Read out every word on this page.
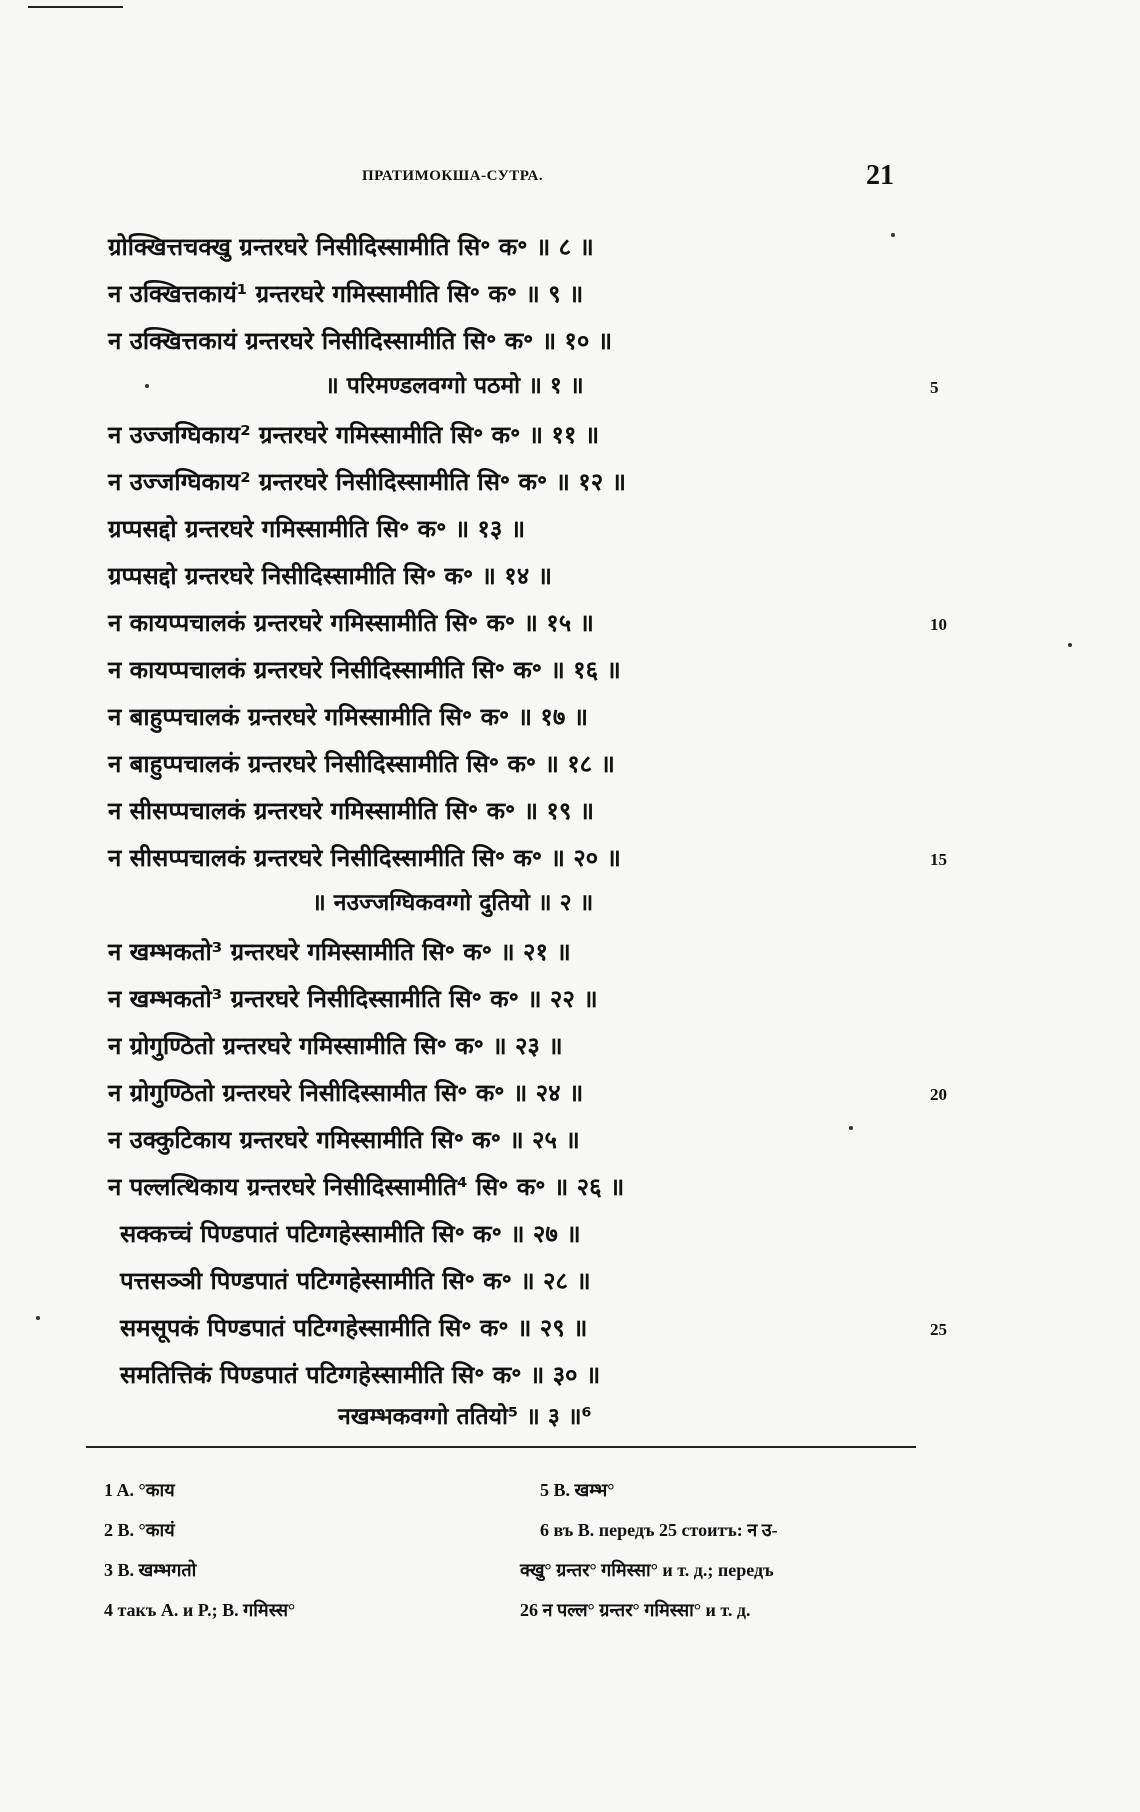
ПРАТИМОКША-СУТРА.	21
ग्रोक्खित्तचक्खु ग्रन्तरघरे निसीदिस्सामीति सि॰ क॰ ॥ ८ ॥
न उक्खित्तकायं¹ ग्रन्तरघरे गमिस्सामीति सि॰ क॰ ॥ ९ ॥
न उक्खित्तकायं ग्रन्तरघरे निसीदिस्सामीति सि॰ क॰ ॥ १० ॥
॥ परिमण्डलवग्गो पठमो ॥ १ ॥
न उज्जग्घिकाय² ग्रन्तरघरे गमिस्सामीति सि॰ क॰ ॥ ११ ॥
न उज्जग्घिकाय² ग्रन्तरघरे निसीदिस्सामीति सि॰ क॰ ॥ १२ ॥
ग्रप्पसद्दो ग्रन्तरघरे गमिस्सामीति सि॰ क॰ ॥ १३ ॥
ग्रप्पसद्दो ग्रन्तरघरे निसीदिस्सामीति सि॰ क॰ ॥ १४ ॥
न कायप्पचालकं ग्रन्तरघरे गमिस्सामीति सि॰ क॰ ॥ १५ ॥
न कायप्पचालकं ग्रन्तरघरे निसीदिस्सामीति सि॰ क॰ ॥ १६ ॥
न बाहुप्पचालकं ग्रन्तरघरे गमिस्सामीति सि॰ क॰ ॥ १७ ॥
न बाहुप्पचालकं ग्रन्तरघरे निसीदिस्सामीति सि॰ क॰ ॥ १८ ॥
न सीसप्पचालकं ग्रन्तरघरे गमिस्सामीति सि॰ क॰ ॥ १९ ॥
न सीसप्पचालकं ग्रन्तरघरे निसीदिस्सामीति सि॰ क॰ ॥ २० ॥
॥ नउज्जग्घिकवग्गो दुतियो ॥ २ ॥
न खम्भकतो³ ग्रन्तरघरे गमिस्सामीति सि॰ क॰ ॥ २१ ॥
न खम्भकतो³ ग्रन्तरघरे निसीदिस्सामीति सि॰ क॰ ॥ २२ ॥
न ग्रोगुण्ठितो ग्रन्तरघरे गमिस्सामीति सि॰ क॰ ॥ २३ ॥
न ग्रोगुण्ठितो ग्रन्तरघरे निसीदिस्सामीत सि॰ क॰ ॥ २४ ॥
न उक्कुटिकाय ग्रन्तरघरे गमिस्सामीति सि॰ क॰ ॥ २५ ॥
न पल्लत्थिकाय ग्रन्तरघरे निसीदिस्सामीति⁴ सि॰ क॰ ॥ २६ ॥
सक्कच्चं पिण्डपातं पटिग्गहेस्सामीति सि॰ क॰ ॥ २७ ॥
पत्तसञ्ञी पिण्डपातं पटिग्गहेस्सामीति सि॰ क॰ ॥ २८ ॥
समसूपकं पिण्डपातं पटिग्गहेस्सामीति सि॰ क॰ ॥ २९ ॥
समतित्तिकं पिण्डपातं पटिग्गहेस्सामीति सि॰ क॰ ॥ ३० ॥
नखम्भकवग्गो ततियो⁵ ॥ ३ ॥⁶
5
10
15
20
25
1 A. °काय
2 B. °कायं
3 B. खम्भगतो
4 такъ A. и P.; B. गमिस्स°
5 B. खम्भ°
6 въ B. передъ 25 стоитъ: न उ-
क्खु° ग्रन्तर° गमिस्सा° и т. д.; передъ
26 न पल्ल° ग्रन्तर° गमिस्सा° и т. д.
